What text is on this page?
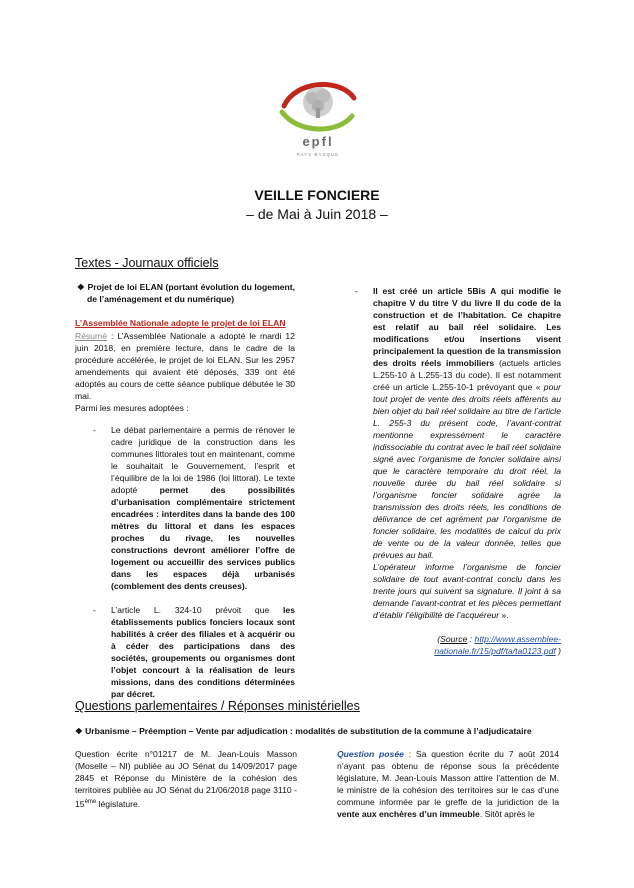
epfl
PAYS BASQUE
VEILLE FONCIERE
– de Mai à Juin 2018 –
Textes - Journaux officiels

❖ Projet de loi ELAN (portant évolution du logement, de l’aménagement et du numérique)

L’Assemblée Nationale adopte le projet de loi ELAN

Résumé : L’Assemblée Nationale a adopté le mardi 12 juin 2018, en première lecture, dans le cadre de la procédure accélérée, le projet de loi ELAN. Sur les 2957 amendements qui avaient été déposés, 339 ont été adoptés au cours de cette séance publique débutée le 30 mai.

Parmi les mesures adoptées :

- Le débat parlementaire a permis de rénover le cadre juridique de la construction dans les communes littorales tout en maintenant, comme le souhaitait le Gouvernement, l’esprit et l’équilibre de la loi de 1986 (loi littoral). Le texte adopté permet des possibilités d’urbanisation complémentaire strictement encadrées : interdites dans la bande des 100 mètres du littoral et dans les espaces proches du rivage, les nouvelles constructions devront améliorer l’offre de logement ou accueillir des services publics dans les espaces déjà urbanisés (comblement des dents creuses).

- L’article L. 324-10 prévoit que les établissements publics fonciers locaux sont habilités à créer des filiales et à acquérir ou à céder des participations dans des sociétés, groupements ou organismes dont l’objet concourt à la réalisation de leurs missions, dans des conditions déterminées par décret.

- Il est créé un article 5Bis A qui modifie le chapitre V du titre V du livre II du code de la construction et de l’habitation. Ce chapitre est relatif au bail réel solidaire. Les modifications et/ou insertions visent principalement la question de la transmission des droits réels immobiliers (actuels articles L.255-10 à L.255-13 du code). Il est notamment créé un article L.255-10-1 prévoyant que « pour tout projet de vente des droits réels afférents au bien objet du bail réel solidaire au titre de l’article L. 255-3 du présent code, l’avant-contrat mentionne expressément le caractère indissociable du contrat avec le bail réel solidaire signé avec l’organisme de foncier solidaire ainsi que le caractère temporaire du droit réel, la nouvelle durée du bail réel solidaire si l’organisme foncier solidaire agrée la transmission des droits réels, les conditions de délivrance de cet agrément par l’organisme de foncier solidaire, les modalités de calcul du prix de vente ou de la valeur donnée, telles que prévues au bail.

L’opérateur informe l’organisme de foncier solidaire de tout avant-contrat conclu dans les trente jours qui suivent sa signature. Il joint à sa demande l’avant-contrat et les pièces permettant d’établir l’éligibilité de l’acquéreur ».

(Source : http://www.assemblee-nationale.fr/15/pdf/ta/ta0123.pdf )

Questions parlementaires / Réponses ministérielles
❖ Urbanisme – Préemption – Vente par adjudication : modalités de substitution de la commune à l’adjudicataire

Question écrite n°01217 de M. Jean-Louis Masson (Moselle – NI) publiée au JO Sénat du 14/09/2017 page 2845 et Réponse du Ministère de la cohésion des territoires publiée au JO Sénat du 21/06/2018 page 3110 - 15ème législature.

Question posée : Sa question écrite du 7 août 2014 n’ayant pas obtenu de réponse sous la précédente législature, M. Jean-Louis Masson attire l’attention de M. le ministre de la cohésion des territoires sur le cas d’une commune informée par le greffe de la juridiction de la vente aux enchères d’un immeuble. Sitôt après le
